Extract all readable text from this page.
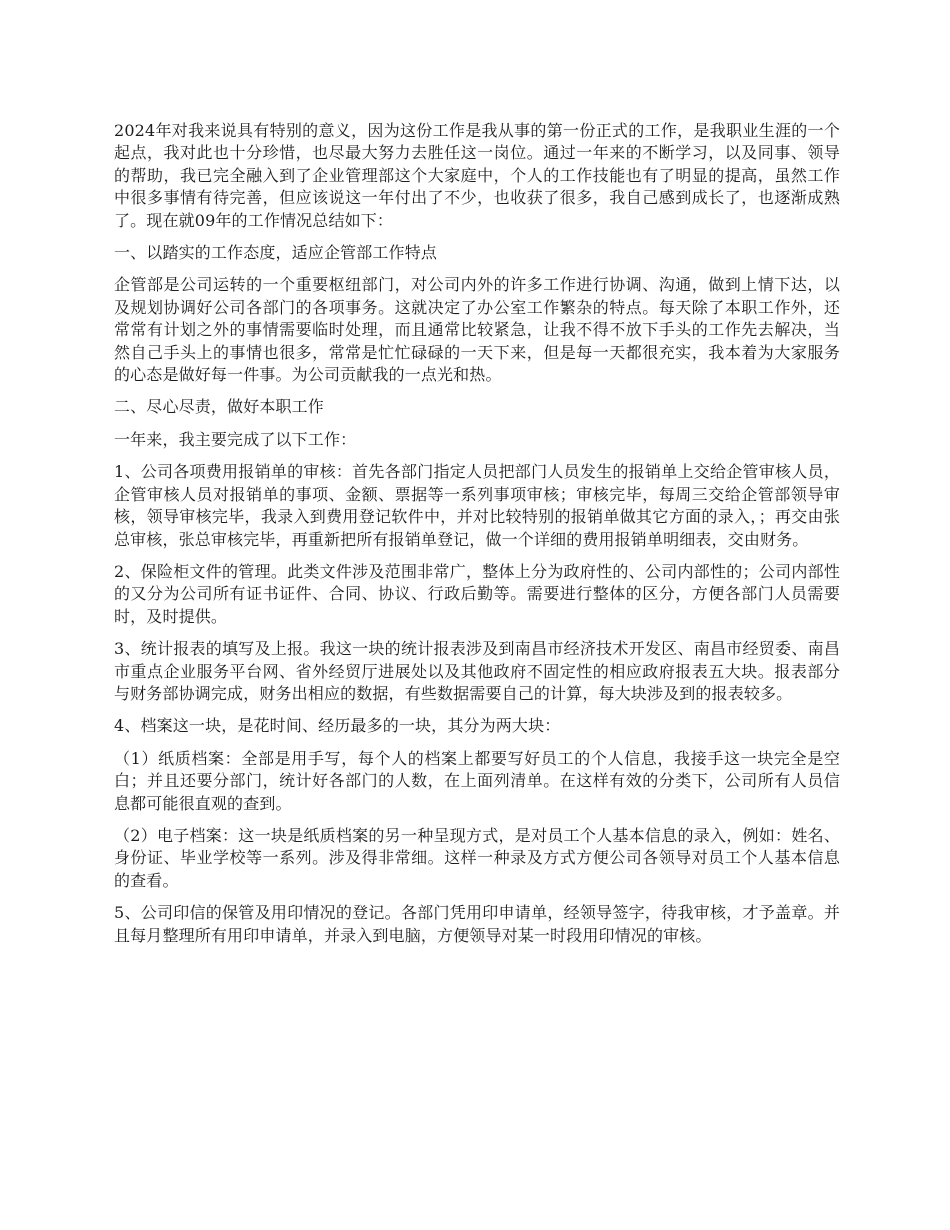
2024年对我来说具有特别的意义，因为这份工作是我从事的第一份正式的工作，是我职业生涯的一个起点，我对此也十分珍惜，也尽最大努力去胜任这一岗位。通过一年来的不断学习，以及同事、领导的帮助，我已完全融入到了企业管理部这个大家庭中，个人的工作技能也有了明显的提高，虽然工作中很多事情有待完善，但应该说这一年付出了不少，也收获了很多，我自己感到成长了，也逐渐成熟了。现在就09年的工作情况总结如下：

一、以踏实的工作态度，适应企管部工作特点

企管部是公司运转的一个重要枢纽部门，对公司内外的许多工作进行协调、沟通，做到上情下达，以及规划协调好公司各部门的各项事务。这就决定了办公室工作繁杂的特点。每天除了本职工作外，还常常有计划之外的事情需要临时处理，而且通常比较紧急，让我不得不放下手头的工作先去解决，当然自己手头上的事情也很多，常常是忙忙碌碌的一天下来，但是每一天都很充实，我本着为大家服务的心态是做好每一件事。为公司贡献我的一点光和热。

二、尽心尽责，做好本职工作

一年来，我主要完成了以下工作：

1、公司各项费用报销单的审核：首先各部门指定人员把部门人员发生的报销单上交给企管审核人员，企管审核人员对报销单的事项、金额、票据等一系列事项审核；审核完毕，每周三交给企管部领导审核，领导审核完毕，我录入到费用登记软件中，并对比较特别的报销单做其它方面的录入，；再交由张总审核，张总审核完毕，再重新把所有报销单登记，做一个详细的费用报销单明细表，交由财务。

2、保险柜文件的管理。此类文件涉及范围非常广，整体上分为政府性的、公司内部性的；公司内部性的又分为公司所有证书证件、合同、协议、行政后勤等。需要进行整体的区分，方便各部门人员需要时，及时提供。

3、统计报表的填写及上报。我这一块的统计报表涉及到南昌市经济技术开发区、南昌市经贸委、南昌市重点企业服务平台网、省外经贸厅进展处以及其他政府不固定性的相应政府报表五大块。报表部分与财务部协调完成，财务出相应的数据，有些数据需要自己的计算，每大块涉及到的报表较多。

4、档案这一块，是花时间、经历最多的一块，其分为两大块：

（1）纸质档案：全部是用手写，每个人的档案上都要写好员工的个人信息，我接手这一块完全是空白；并且还要分部门，统计好各部门的人数，在上面列清单。在这样有效的分类下，公司所有人员信息都可能很直观的查到。

（2）电子档案：这一块是纸质档案的另一种呈现方式，是对员工个人基本信息的录入，例如：姓名、身份证、毕业学校等一系列。涉及得非常细。这样一种录及方式方便公司各领导对员工个人基本信息的查看。

5、公司印信的保管及用印情况的登记。各部门凭用印申请单，经领导签字，待我审核，才予盖章。并且每月整理所有用印申请单，并录入到电脑，方便领导对某一时段用印情况的审核。
